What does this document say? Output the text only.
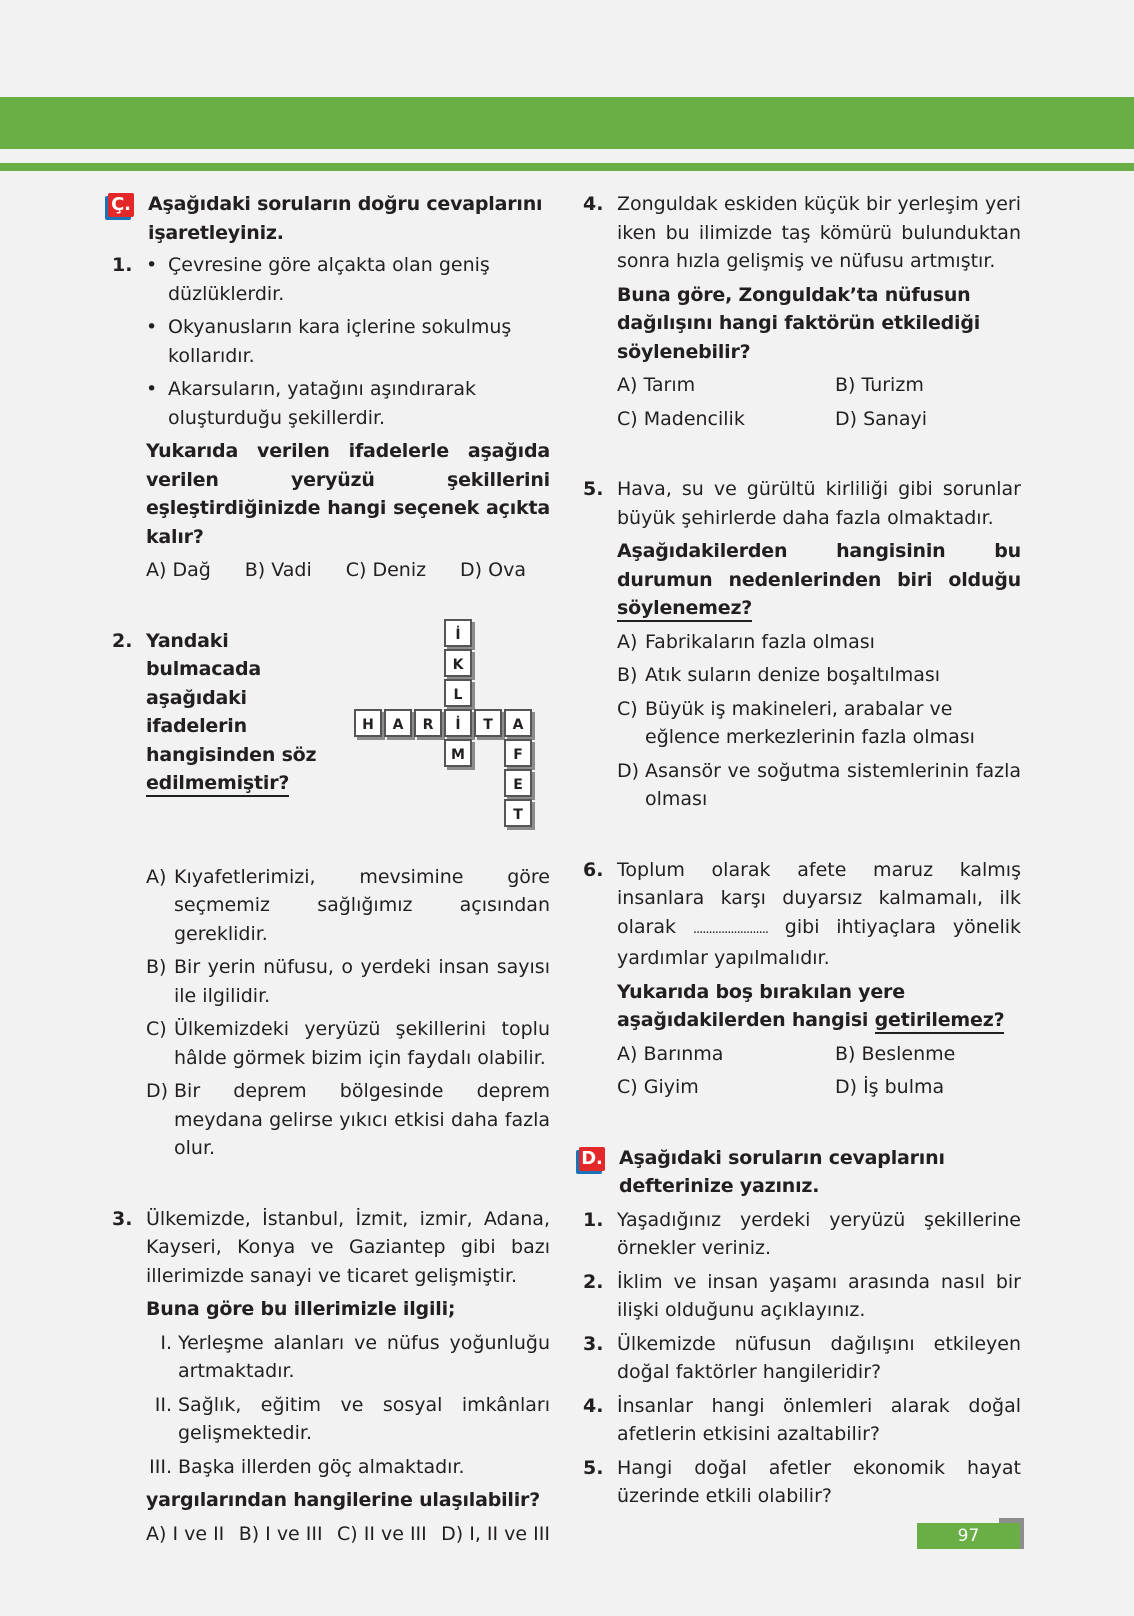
Ç. Aşağıdaki soruların doğru cevaplarını işaretleyiniz.
1.

•	Çevresine göre alçakta olan geniş düzlüklerdir.

• Okyanusların kara içlerine sokulmuş kollarıdır.

• Akarsuların, yatağını aşındırarak oluşturduğu şekillerdir.

Yukarıda verilen ifadelerle aşağıda verilen yeryüzü şekillerini eşleştirdiğinizde hangi seçenek açıkta kalır?

A) Dağ B) Vadi C) Deniz D) Ova
2. Yandaki bulmacada aşağıdaki ifadelerin hangisinden söz edilmemiştir?

İ
K
L
H	A	R	İ	T	A
M	F
E
T

A) Kıyafetlerimizi, mevsimine göre seçmemiz sağlığımız açısından gereklidir.

B) Bir yerin nüfusu, o yerdeki insan sayısı ile ilgilidir.

C) Ülkemizdeki yeryüzü şekillerini toplu hâlde görmek bizim için faydalı olabilir.

D) Bir deprem bölgesinde deprem meydana gelirse yıkıcı etkisi daha fazla olur.

3. Ülkemizde, İstanbul, İzmit, izmir, Adana, Kayseri, Konya ve Gaziantep gibi bazı illerimizde sanayi ve ticaret gelişmiştir.

Buna göre bu illerimizle ilgili;

I. Yerleşme alanları ve nüfus yoğunluğu artmaktadır.

II. Sağlık, eğitim ve sosyal imkânları gelişmektedir.

III. Başka illerden göç almaktadır.

yargılarından hangilerine ulaşılabilir?

A) I ve II B) I ve III C) II ve III D) I, II ve III
4. Zonguldak eskiden küçük bir yerleşim yeri iken bu ilimizde taş kömürü bulunduktan sonra hızla gelişmiş ve nüfusu artmıştır.

Buna göre, Zonguldak’ta nüfusun dağılışını hangi faktörün etkilediği söylenebilir?

A) Tarım	B) Turizm
C) Madencilik	D) Sanayi
5. Hava, su ve gürültü kirliliği gibi sorunlar büyük şehirlerde daha fazla olmaktadır.

Aşağıdakilerden hangisinin bu durumun nedenlerinden biri olduğu söylenemez?

A) Fabrikaların fazla olması

B) Atık suların denize boşaltılması

C) Büyük iş makineleri, arabalar ve eğlence merkezlerinin fazla olması

D) Asansör ve soğutma sistemlerinin fazla olması

6. Toplum olarak afete maruz kalmış insanlara karşı duyarsız kalmamalı, ilk olarak ........................ gibi ihtiyaçlara yönelik yardımlar yapılmalıdır.

Yukarıda boş bırakılan yere aşağıdakilerden hangisi getirilemez?

A) Barınma	B) Beslenme
C) Giyim	D) İş bulma
D. Aşağıdaki soruların cevaplarını defterinize yazınız.
1. Yaşadığınız yerdeki yeryüzü şekillerine örnekler veriniz.

2. İklim ve insan yaşamı arasında nasıl bir ilişki olduğunu açıklayınız.

3. Ülkemizde nüfusun dağılışını etkileyen doğal faktörler hangileridir?

4. İnsanlar hangi önlemleri alarak doğal afetlerin etkisini azaltabilir?

5. Hangi doğal afetler ekonomik hayat üzerinde etkili olabilir?

97
